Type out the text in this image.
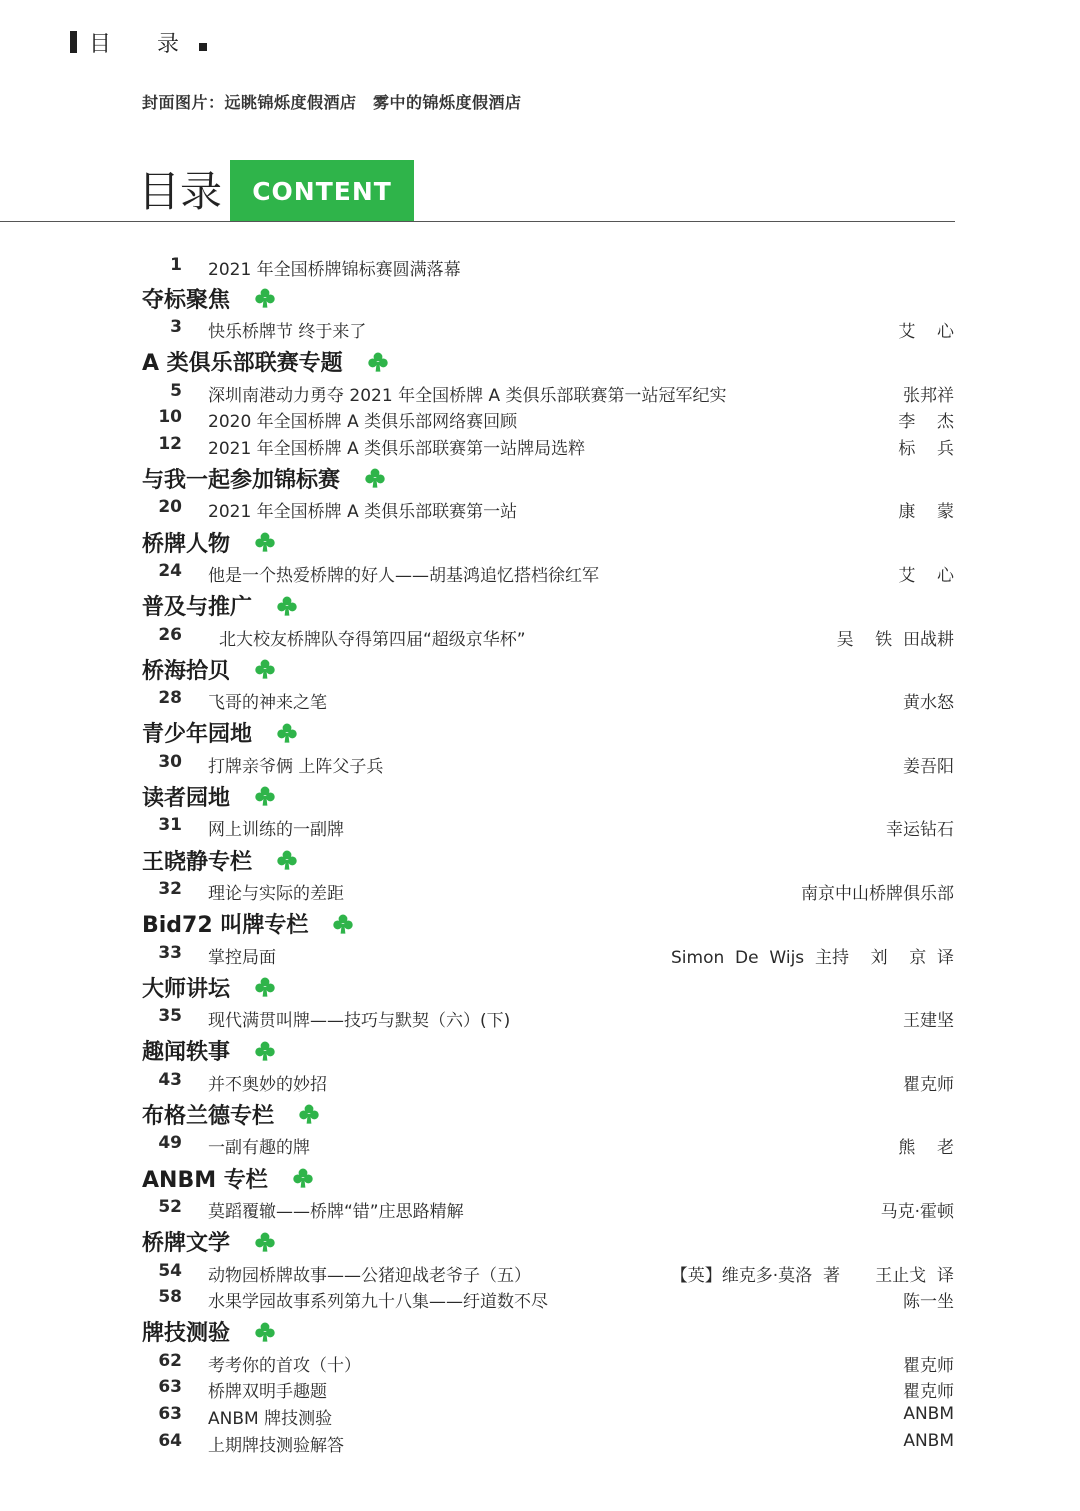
目 录
封面图片：远眺锦烁度假酒店　雾中的锦烁度假酒店
目录	CONTENT
1 2021 年全国桥牌锦标赛圆满落幕
夺标聚焦
3 快乐桥牌节 终于来了	艾    心
A 类俱乐部联赛专题
5 深圳南港动力勇夺 2021 年全国桥牌 A 类俱乐部联赛第一站冠军纪实	张邦祥
10 2020 年全国桥牌 A 类俱乐部网络赛回顾	李    杰
12 2021 年全国桥牌 A 类俱乐部联赛第一站牌局选粹	标    兵
与我一起参加锦标赛
20 2021 年全国桥牌 A 类俱乐部联赛第一站	康    蒙
桥牌人物
24 他是一个热爱桥牌的好人——胡基鸿追忆搭档徐红军	艾    心
普及与推广
26 北大校友桥牌队夺得第四届“超级京华杯”	吴    铁  田战耕
桥海拾贝
28 飞哥的神来之笔	黄水怒
青少年园地
30 打牌亲爷俩 上阵父子兵	姜吾阳
读者园地
31 网上训练的一副牌	幸运钻石
王晓静专栏
32 理论与实际的差距	南京中山桥牌俱乐部
Bid72 叫牌专栏
33 掌控局面	Simon  De  Wijs  主持    刘    京  译
大师讲坛
35 现代满贯叫牌——技巧与默契（六）(下)	王建坚
趣闻轶事
43 并不奥妙的妙招	瞿克师
布格兰德专栏
49 一副有趣的牌	熊    老
ANBM 专栏
52 莫蹈覆辙——桥牌“错”庄思路精解	马克·霍顿
桥牌文学
54 动物园桥牌故事——公猪迎战老爷子（五）	【英】维克多·莫洛  著 王止戈  译
58 水果学园故事系列第九十八集——纡道数不尽	陈一坐
牌技测验
62 考考你的首攻（十）	瞿克师
63 桥牌双明手趣题	瞿克师
63 ANBM 牌技测验	ANBM
64 上期牌技测验解答	ANBM
